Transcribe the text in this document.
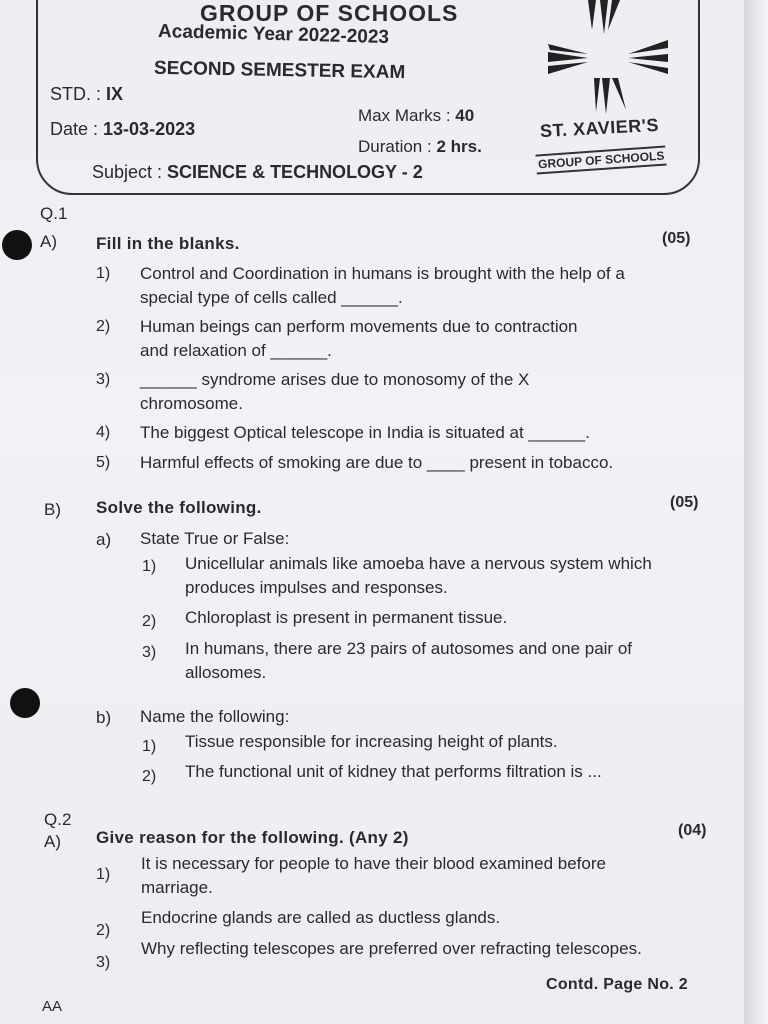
GROUP OF SCHOOLS
Academic Year 2022-2023
SECOND SEMESTER EXAM
STD. : IX
Max Marks : 40
Date : 13-03-2023
Duration : 2 hrs.
Subject : SCIENCE & TECHNOLOGY - 2
ST. XAVIER'S
GROUP OF SCHOOLS
Q.1
A) Fill in the blanks.	(05)
1) Control and Coordination in humans is brought with the help of a special type of cells called ______.
2) Human beings can perform movements due to contraction and relaxation of ______.
3) ______ syndrome arises due to monosomy of the X chromosome.
4) The biggest Optical telescope in India is situated at ______.
5) Harmful effects of smoking are due to ____ present in tobacco.
B) Solve the following.	(05)
a) State True or False:
1) Unicellular animals like amoeba have a nervous system which produces impulses and responses.
2) Chloroplast is present in permanent tissue.
3) In humans, there are 23 pairs of autosomes and one pair of allosomes.
b) Name the following:
1) Tissue responsible for increasing height of plants.
2) The functional unit of kidney that performs filtration is ...
Q.2
A) Give reason for the following. (Any 2)	(04)
1)
It is necessary for people to have their blood examined before marriage.
2)
Endocrine glands are called as ductless glands.
3)
Why reflecting telescopes are preferred over refracting telescopes.
Contd. Page No. 2
AA
